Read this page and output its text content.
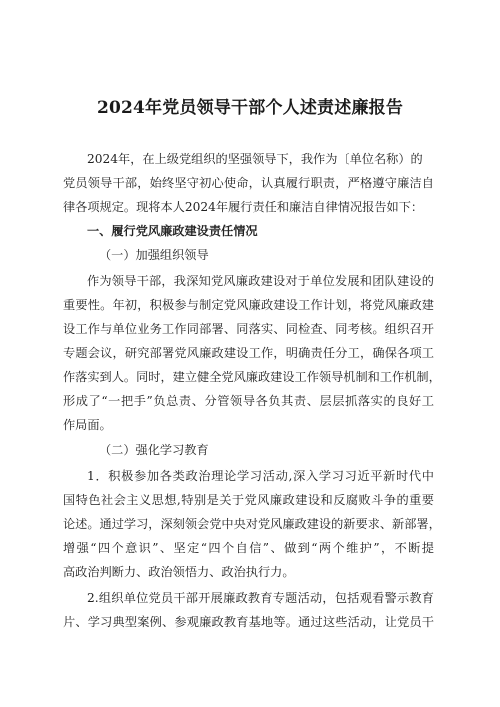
2024年党员领导干部个人述责述廉报告
2024年，在上级党组织的坚强领导下，我作为〔单位名称）的
党员领导干部，始终坚守初心使命，认真履行职责，严格遵守廉洁自
律各项规定。现将本人2024年履行责任和廉洁自律情况报告如下：
一、履行党风廉政建设责任情况
（一）加强组织领导
作为领导干部，我深知党风廉政建设对于单位发展和团队建设的
重要性。年初，积极参与制定党风廉政建设工作计划，将党风廉政建
设工作与单位业务工作同部署、同落实、同检查、同考核。组织召开
专题会议，研究部署党风廉政建设工作，明确责任分工，确保各项工
作落实到人。同时，建立健全党风廉政建设工作领导机制和工作机制，
形成了“一把手”负总责、分管领导各负其责、层层抓落实的良好工
作局面。
（二）强化学习教育
1．积极参加各类政治理论学习活动,深入学习习近平新时代中
国特色社会主义思想,特别是关于党风廉政建设和反腐败斗争的重要
论述。通过学习，深刻领会党中央对党风廉政建设的新要求、新部署，
增强“四个意识”、坚定“四个自信”、做到“两个维护”，不断提
高政治判断力、政治领悟力、政治执行力。
2.组织单位党员干部开展廉政教育专题活动，包括观看警示教育
片、学习典型案例、参观廉政教育基地等。通过这些活动，让党员干
